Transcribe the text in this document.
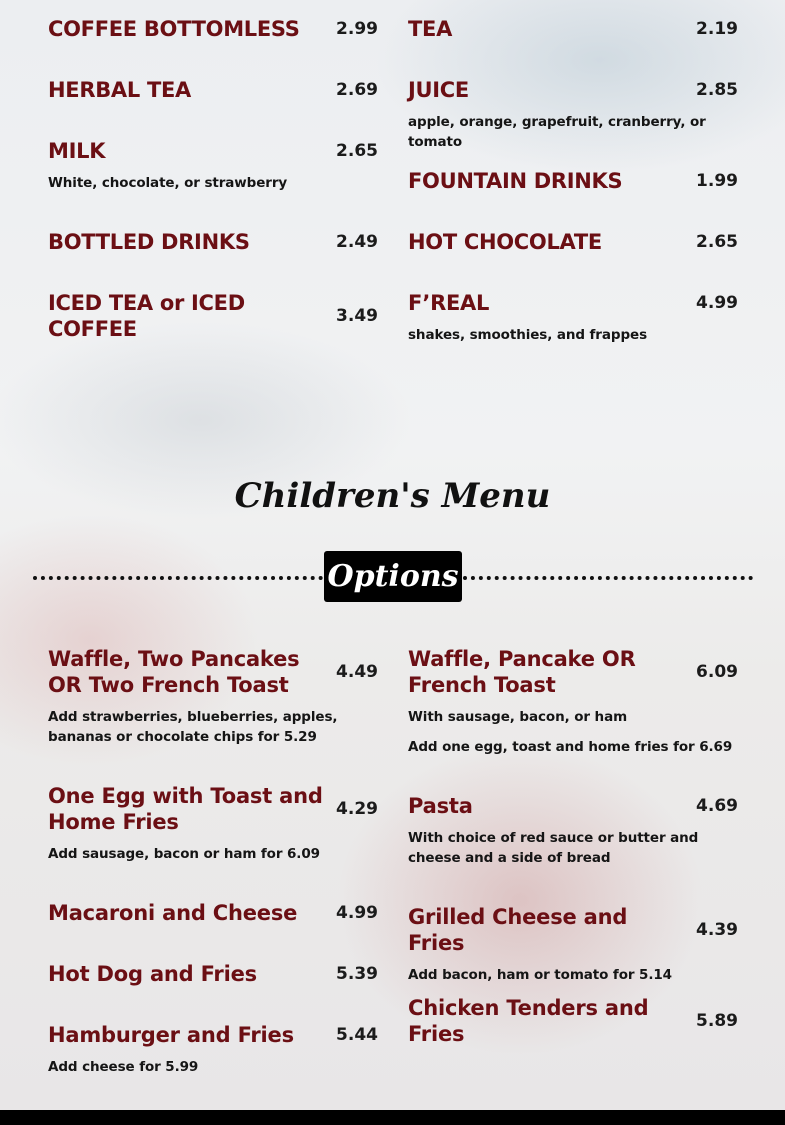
COFFEE BOTTOMLESS 2.99
HERBAL TEA	2.69
MILK	2.65
White, chocolate, or strawberry
BOTTLED DRINKS	2.49
ICED TEA or ICED COFFEE
3.49
TEA	2.19
JUICE	2.85
apple, orange, grapefruit, cranberry, or tomato
FOUNTAIN DRINKS	1.99
HOT CHOCOLATE	2.65
F’REAL	4.99
shakes, smoothies, and frappes
Children's Menu
Options
Waffle, Two Pancakes OR Two French Toast
4.49
Add strawberries, blueberries, apples, bananas or chocolate chips for 5.29
One Egg with Toast and Home Fries
4.29
Add sausage, bacon or ham for 6.09
Macaroni and Cheese 4.99
Hot Dog and Fries	5.39
Hamburger and Fries 5.44
Add cheese for 5.99
Waffle, Pancake OR French Toast
6.09
With sausage, bacon, or ham
Add one egg, toast and home fries for 6.69
Pasta	4.69
With choice of red sauce or butter and cheese and a side of bread
Grilled Cheese and Fries
4.39
Add bacon, ham or tomato for 5.14
Chicken Tenders and Fries
5.89
